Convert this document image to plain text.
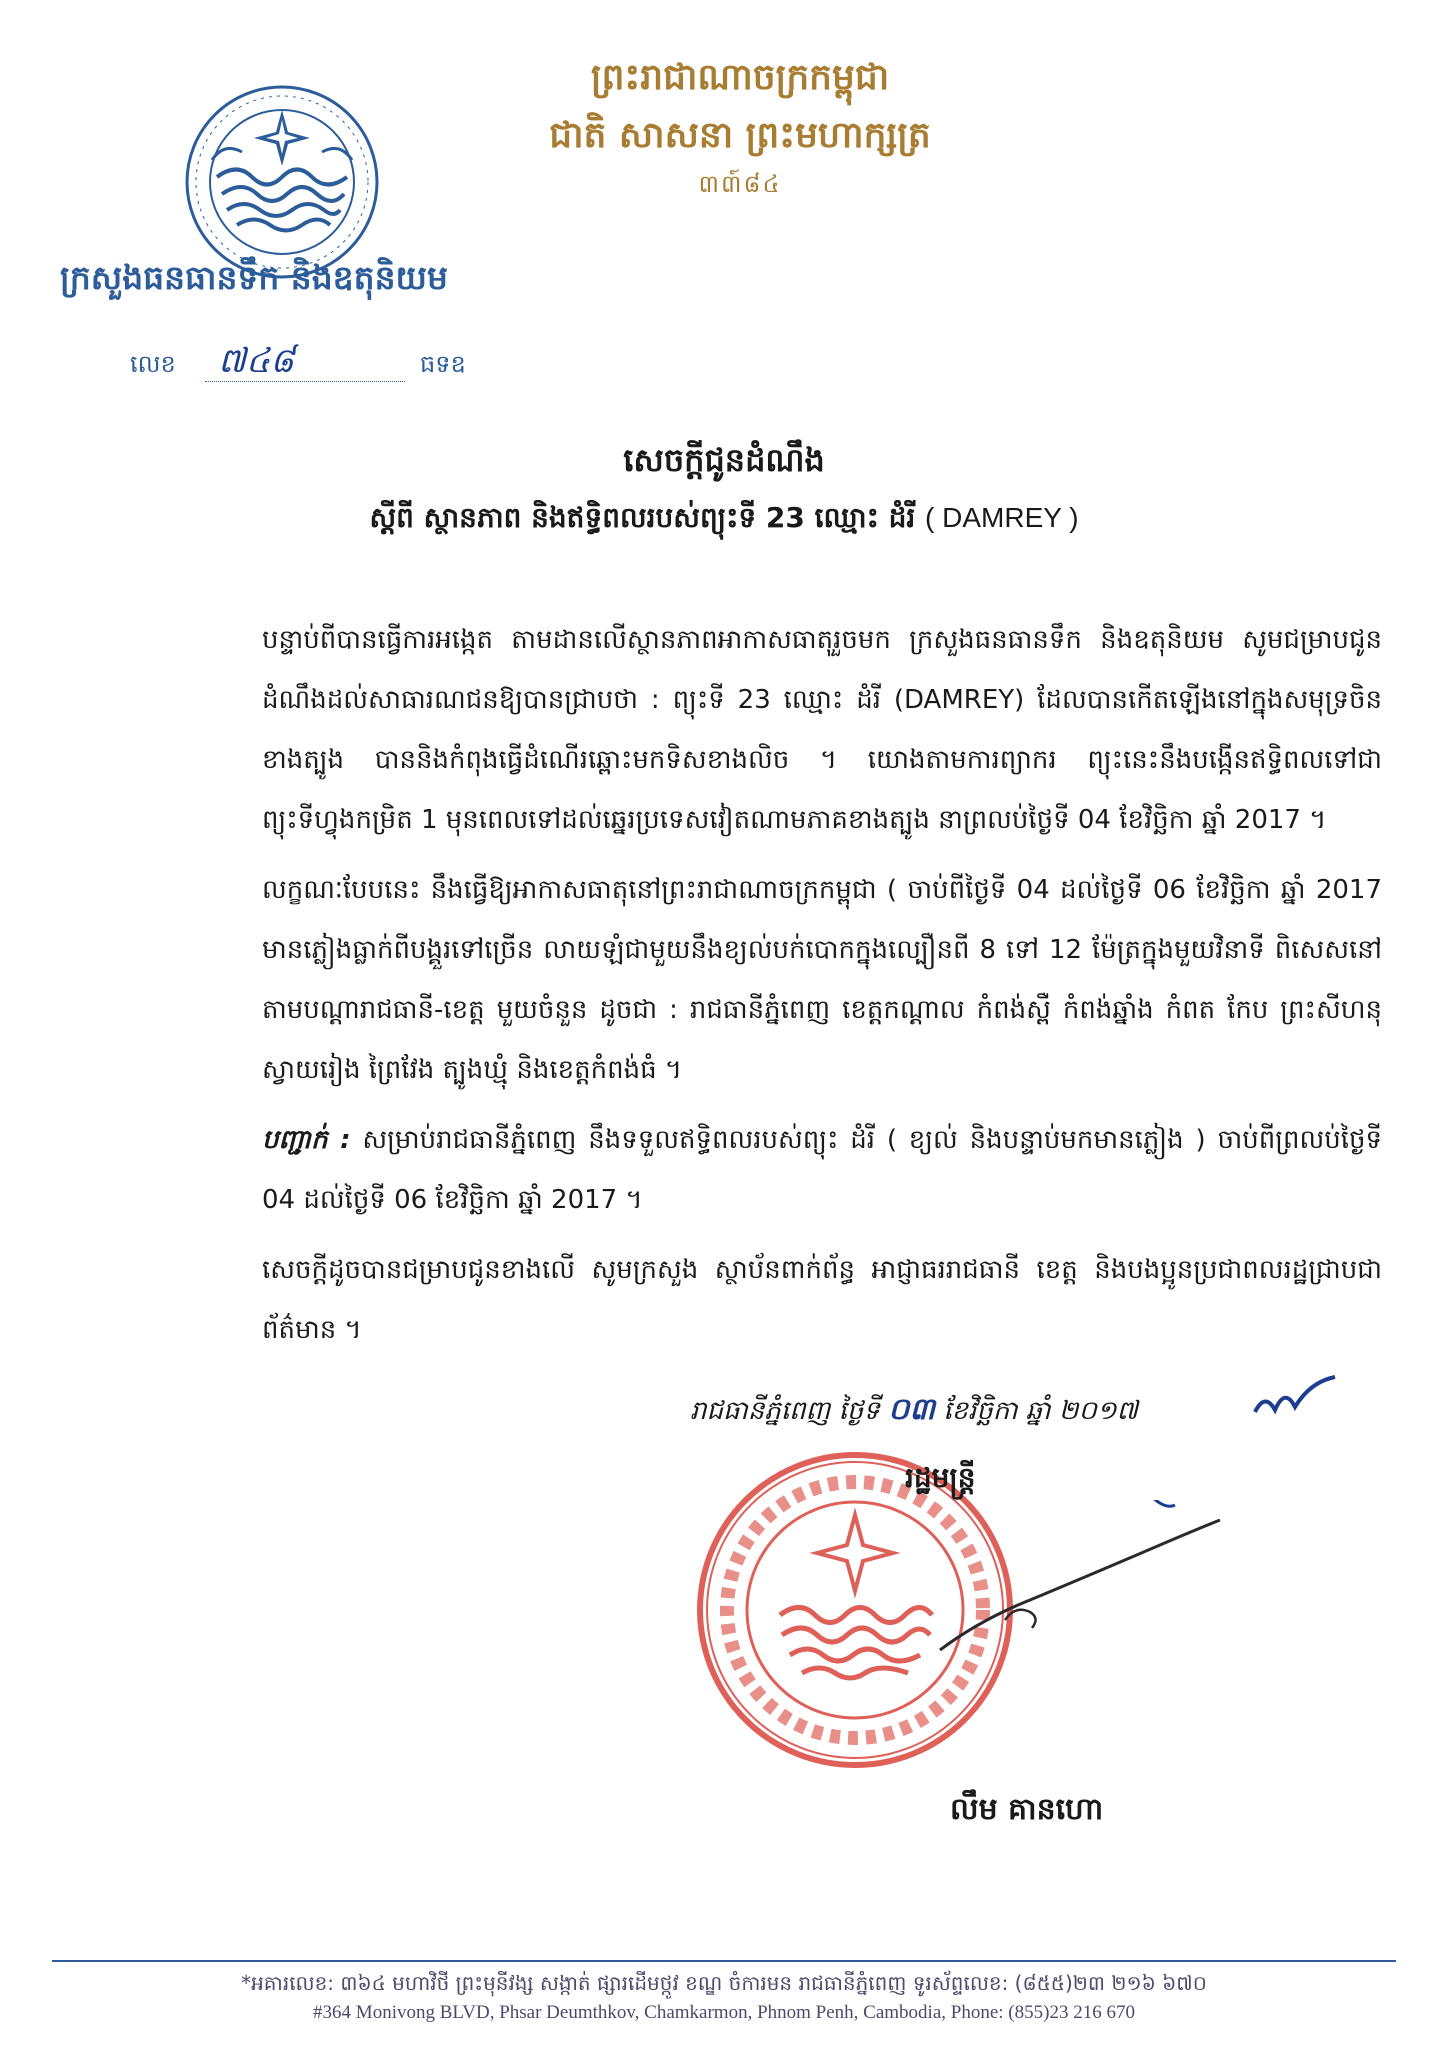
ក្រសួងធនធានទឹក និងឧតុនិយម
លេខ ៧៤៨	ធទឧ
ព្រះរាជាណាចក្រកម្ពុជា
ជាតិ សាសនា ព្រះមហាក្សត្រ
៣៣៍៨៤
សេចក្តីជូនដំណឹង
ស្តីពី ស្ថានភាព និងឥទ្ធិពលរបស់ព្យុះទី 23 ឈ្មោះ ដំរី ( DAMREY )

បន្ទាប់ពីបានធ្វើការអង្កេត តាមដានលើស្ថានភាពអាកាសធាតុរួចមក ក្រសួងធនធានទឹក និងឧតុនិយម សូមជម្រាបជូនដំណឹងដល់សាធារណជនឱ្យបានជ្រាបថា : ព្យុះទី 23 ឈ្មោះ ដំរី (DAMREY) ដែលបានកើតឡើងនៅក្នុងសមុទ្រចិនខាងត្បូង បាននិងកំពុងធ្វើដំណើរឆ្ពោះមកទិសខាងលិច ។ យោងតាមការព្យាករ ព្យុះនេះនឹងបង្កើនឥទ្ធិពលទៅជាព្យុះទីហ្វុងកម្រិត 1 មុនពេលទៅដល់ឆ្នេរប្រទេសវៀតណាមភាគខាងត្បូង នាព្រលប់ថ្ងៃទី 04 ខែវិច្ឆិកា ឆ្នាំ 2017 ។

លក្ខណៈបែបនេះ នឹងធ្វើឱ្យអាកាសធាតុនៅព្រះរាជាណាចក្រកម្ពុជា ( ចាប់ពីថ្ងៃទី 04 ដល់ថ្ងៃទី 06 ខែវិច្ឆិកា ឆ្នាំ 2017 មានភ្លៀងធ្លាក់ពីបង្គួរទៅច្រើន លាយឡំជាមួយនឹងខ្យល់បក់បោកក្នុងល្បឿនពី 8 ទៅ 12 ម៉ែត្រក្នុងមួយវិនាទី ពិសេសនៅតាមបណ្តារាជធានី-ខេត្ត មួយចំនួន ដូចជា : រាជធានីភ្នំពេញ ខេត្តកណ្តាល កំពង់ស្ពឺ កំពង់ឆ្នាំង កំពត កែប ព្រះសីហនុ ស្វាយរៀង ព្រៃវែង ត្បូងឃ្មុំ និងខេត្តកំពង់ធំ ។

បញ្ជាក់ : សម្រាប់រាជធានីភ្នំពេញ នឹងទទួលឥទ្ធិពលរបស់ព្យុះ ដំរី ( ខ្យល់ និងបន្ទាប់មកមានភ្លៀង ) ចាប់ពីព្រលប់ថ្ងៃទី 04 ដល់ថ្ងៃទី 06 ខែវិច្ឆិកា ឆ្នាំ 2017 ។

សេចក្តីដូចបានជម្រាបជូនខាងលើ សូមក្រសួង ស្ថាប័នពាក់ព័ន្ធ អាជ្ញាធររាជធានី ខេត្ត និងបងប្អូនប្រជាពលរដ្ឋជ្រាបជាព័ត៌មាន ។

រាជធានីភ្នំពេញ ថ្ងៃទី ០៣ ខែវិច្ឆិកា ឆ្នាំ ២០១៧
រដ្ឋមន្ត្រី
លឹម គានហោ
*អគារលេខ: ៣៦៤ មហាវិថី ព្រះមុនីវង្ស សង្កាត់ ផ្សារដើមថ្កូវ ខណ្ឌ ចំការមន រាជធានីភ្នំពេញ ទូរស័ព្ទលេខ: (៨៥៥)២៣ ២១៦ ៦៧០
#364 Monivong BLVD, Phsar Deumthkov, Chamkarmon, Phnom Penh, Cambodia, Phone: (855)23 216 670
